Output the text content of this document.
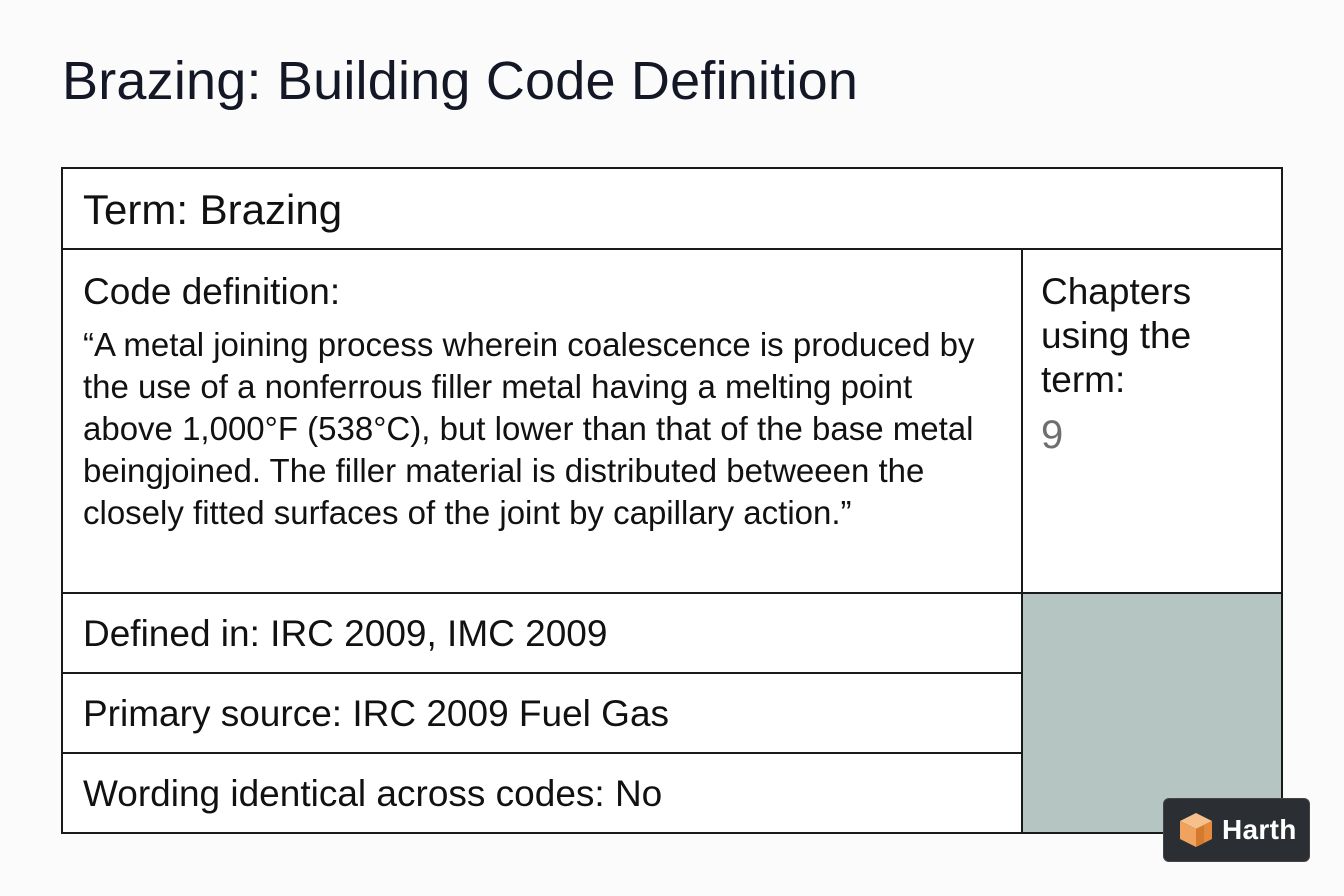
Brazing: Building Code Definition
Term: Brazing
Code definition:
“A metal joining process wherein coalescence is produced by the use of a nonferrous filler metal having a melting point above 1,000°F (538°C), but lower than that of the base metal beingjoined. The filler material is distributed betweeen the closely fitted surfaces of the joint by capillary action.”
Chapters using the term:
9
Defined in: IRC 2009, IMC 2009
Primary source: IRC 2009 Fuel Gas
Wording identical across codes: No
Harth
